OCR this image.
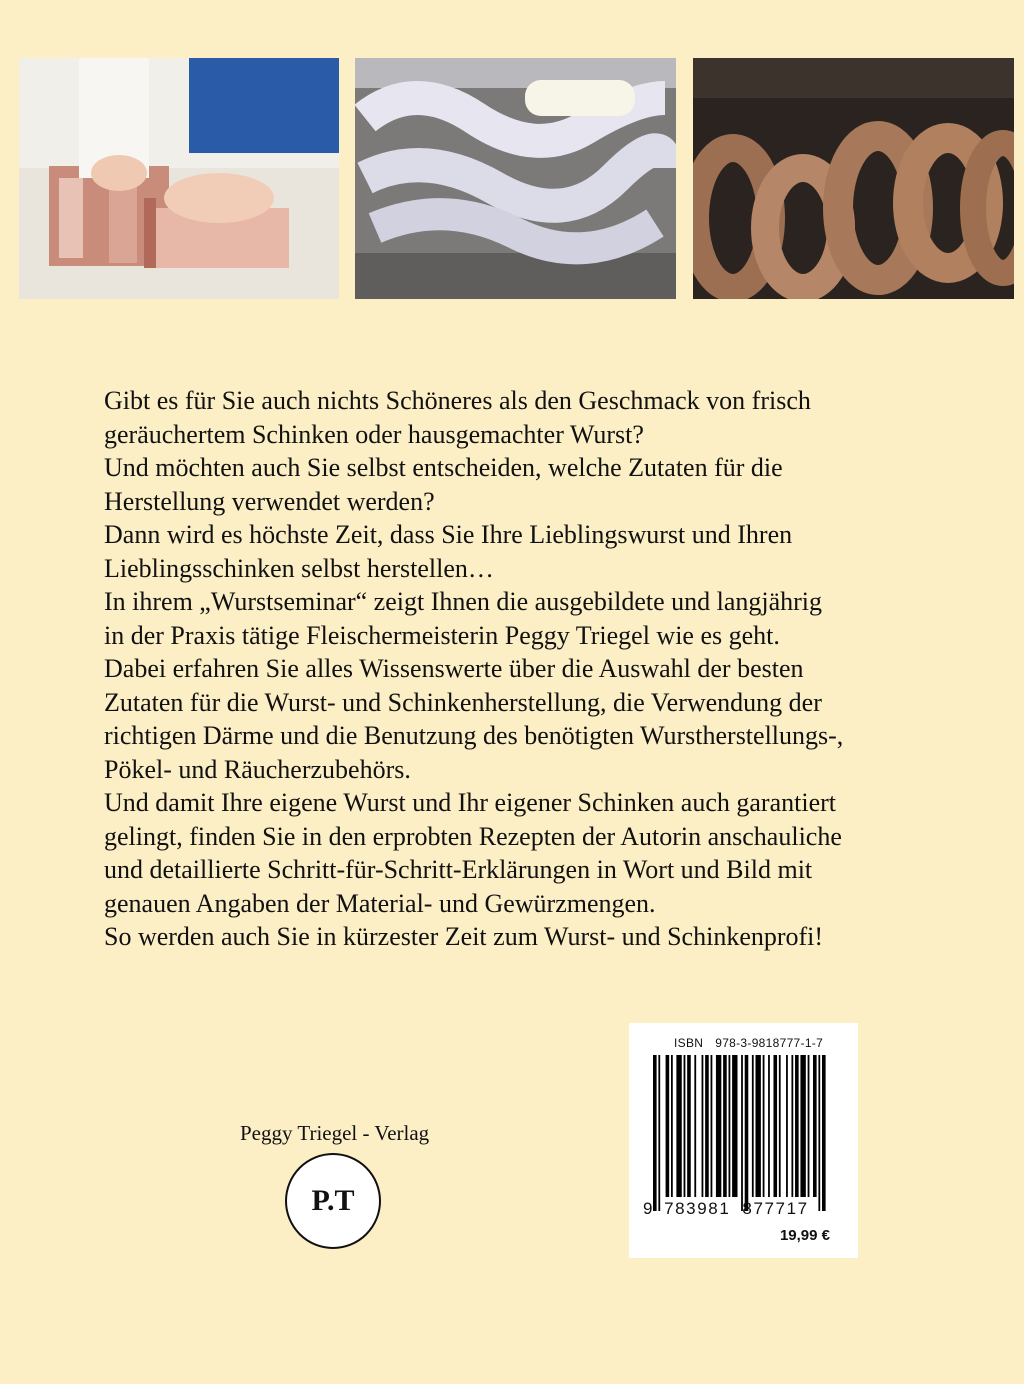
Gibt es für Sie auch nichts Schöneres als den Geschmack von frisch

geräuchertem Schinken oder hausgemachter Wurst?

Und möchten auch Sie selbst entscheiden, welche Zutaten für die

Herstellung verwendet werden?

Dann wird es höchste Zeit, dass Sie Ihre Lieblingswurst und Ihren

Lieblingsschinken selbst herstellen…

In ihrem „Wurstseminar“ zeigt Ihnen die ausgebildete und langjährig

in der Praxis tätige Fleischermeisterin Peggy Triegel wie es geht.

Dabei erfahren Sie alles Wissenswerte über die Auswahl der besten

Zutaten für die Wurst- und Schinkenherstellung, die Verwendung der

richtigen Därme und die Benutzung des benötigten Wurstherstellungs-,

Pökel- und Räucherzubehörs.

Und damit Ihre eigene Wurst und Ihr eigener Schinken auch garantiert

gelingt, finden Sie in den erprobten Rezepten der Autorin anschauliche

und detaillierte Schritt-für-Schritt-Erklärungen in Wort und Bild mit

genauen Angaben der Material- und Gewürzmengen.

So werden auch Sie in kürzester Zeit zum Wurst- und Schinkenprofi!

Peggy Triegel - Verlag
P.T
ISBN 978-3-9818777-1-7
9 783981 877717
19,99 €
